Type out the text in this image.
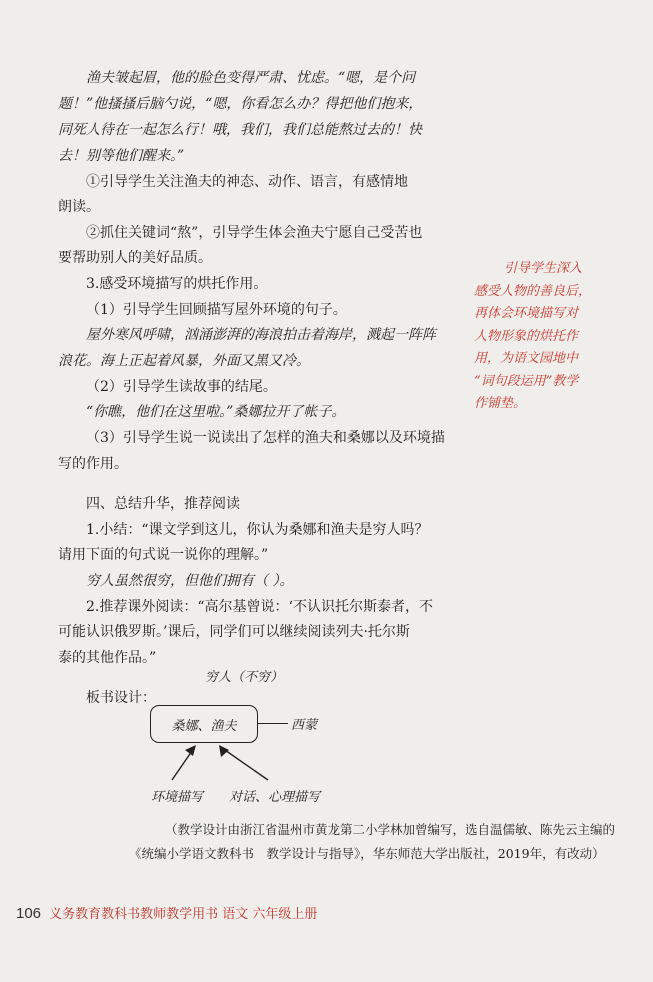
渔夫皱起眉，他的脸色变得严肃、忧虑。“嗯，是个问

题！”他搔搔后脑勺说，“嗯，你看怎么办？得把他们抱来，

同死人待在一起怎么行！哦，我们，我们总能熬过去的！快

去！别等他们醒来。”

①引导学生关注渔夫的神态、动作、语言，有感情地

朗读。

②抓住关键词“熬”，引导学生体会渔夫宁愿自己受苦也

要帮助别人的美好品质。

3.感受环境描写的烘托作用。

（1）引导学生回顾描写屋外环境的句子。

屋外寒风呼啸，汹涌澎湃的海浪拍击着海岸，溅起一阵阵

浪花。海上正起着风暴，外面又黑又冷。

（2）引导学生读故事的结尾。

“你瞧，他们在这里啦。”桑娜拉开了帐子。

（3）引导学生说一说读出了怎样的渔夫和桑娜以及环境描

写的作用。

四、总结升华，推荐阅读

1.小结：“课文学到这儿，你认为桑娜和渔夫是穷人吗？

请用下面的句式说一说你的理解。”

穷人虽然很穷，但他们拥有（ ）。

2.推荐课外阅读：“高尔基曾说：‘不认识托尔斯泰者，不

可能认识俄罗斯。’课后，同学们可以继续阅读列夫·托尔斯

泰的其他作品。”

板书设计：

引导学生深入
感受人物的善良后，
再体会环境描写对
人物形象的烘托作
用，为语文园地中
“词句段运用”教学
作铺垫。
穷人（不穷）
桑娜、渔夫	西蒙
环境描写 对话、心理描写
（教学设计由浙江省温州市黄龙第二小学林加曾编写，选自温儒敏、陈先云主编的
《统编小学语文教科书　教学设计与指导》，华东师范大学出版社，2019年，有改动）
106 义务教育教科书教师教学用书 语文 六年级上册
